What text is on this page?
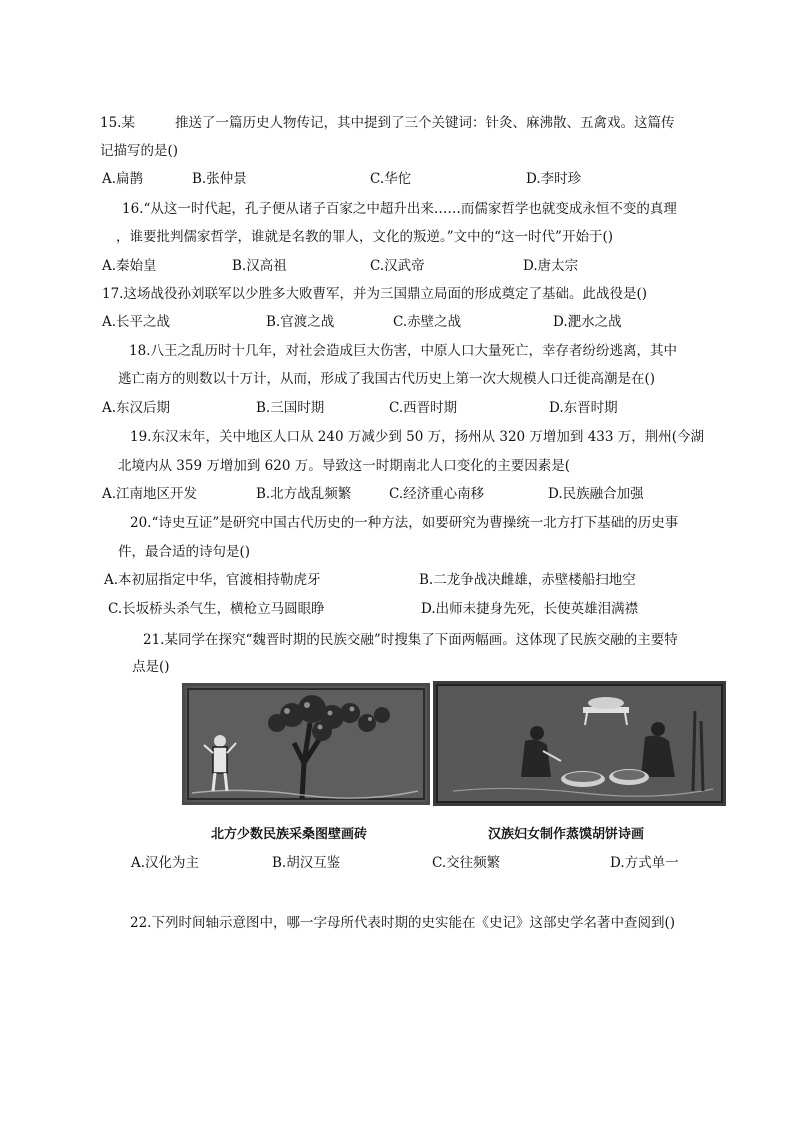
15.某	推送了一篇历史人物传记，其中提到了三个关键词：针灸、麻沸散、五禽戏。这篇传
记描写的是()
A.扁鹊	B.张仲景	C.华佗	D.李时珍
16.“从这一时代起，孔子便从诸子百家之中超升出来……而儒家哲学也就变成永恒不变的真理
，谁要批判儒家哲学，谁就是名教的罪人，文化的叛逆。”文中的“这一时代”开始于()
A.秦始皇	B.汉高祖	C.汉武帝	D.唐太宗
17.这场战役孙刘联军以少胜多大败曹军，并为三国鼎立局面的形成奠定了基础。此战役是()
A.长平之战	B.官渡之战	C.赤壁之战	D.淝水之战
18.八王之乱历时十几年，对社会造成巨大伤害，中原人口大量死亡，幸存者纷纷逃离，其中
逃亡南方的则数以十万计，从而，形成了我国古代历史上第一次大规模人口迁徙高潮是在()
A.东汉后期	B.三国时期	C.西晋时期	D.东晋时期
19.东汉末年，关中地区人口从 240 万减少到 50 万，扬州从 320 万增加到 433 万，荆州(今湖
北境内从 359 万增加到 620 万。导致这一时期南北人口变化的主要因素是(
A.江南地区开发	B.北方战乱频繁	C.经济重心南移	D.民族融合加强
20.“诗史互证”是研究中国古代历史的一种方法，如要研究为曹操统一北方打下基础的历史事
件，最合适的诗句是()
A.本初屈指定中华，官渡相持勒虎牙	B.二龙争战决雌雄，赤壁楼船扫地空
C.长坂桥头杀气生，横枪立马圆眼睁	D.出师未捷身先死，长使英雄泪满襟
21.某同学在探究“魏晋时期的民族交融”时搜集了下面两幅画。这体现了民族交融的主要特
点是()
北方少数民族采桑图壁画砖	汉族妇女制作蒸馍胡饼诗画
A.汉化为主	B.胡汉互鉴	C.交往频繁	D.方式单一
22.下列时间轴示意图中，哪一字母所代表时期的史实能在《史记》这部史学名著中查阅到()
